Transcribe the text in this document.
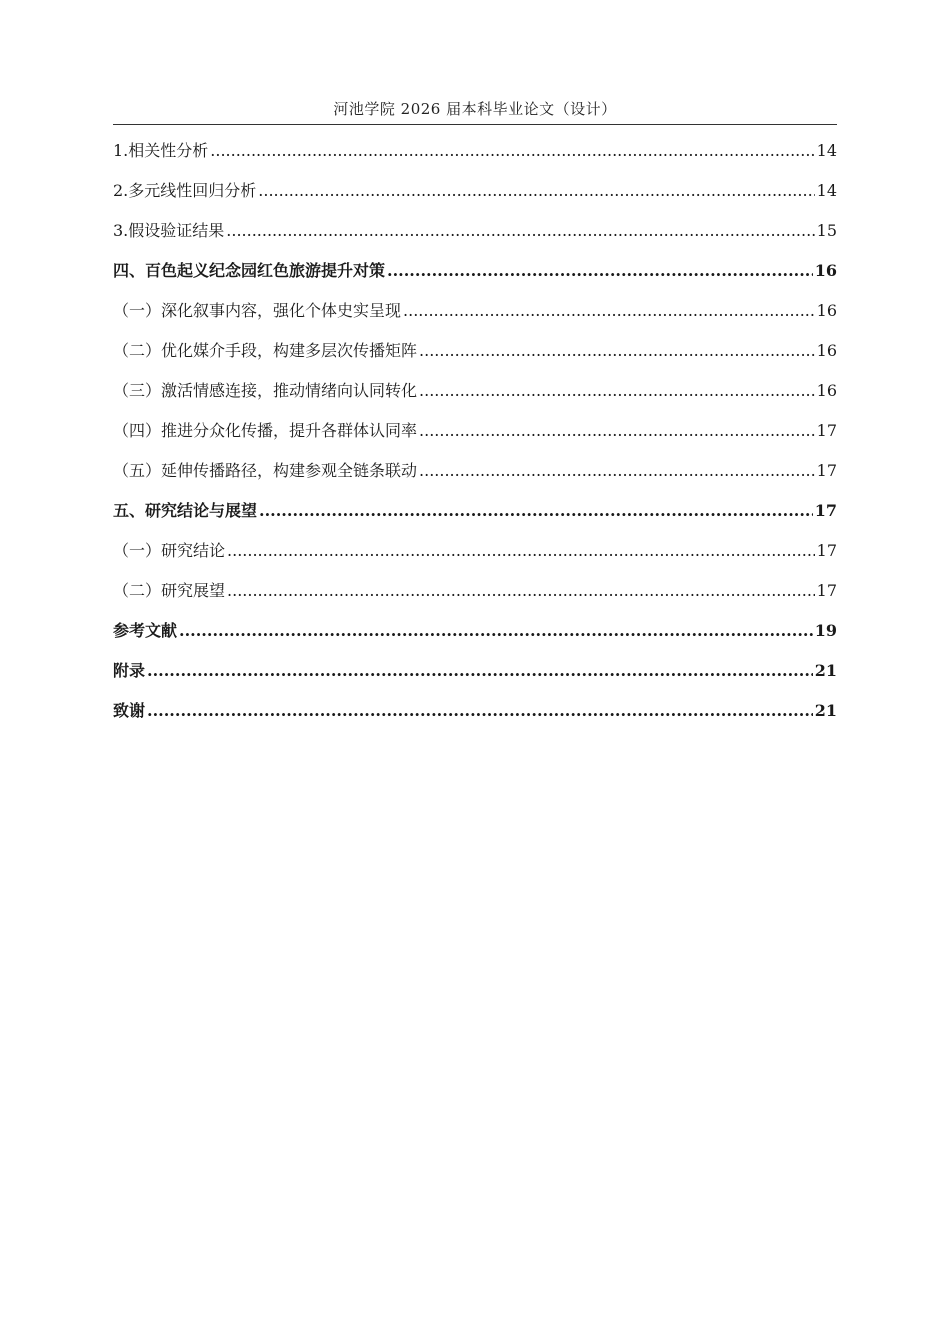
河池学院 2026 届本科毕业论文（设计）
1.相关性分析 .....	14
2.多元线性回归分析 .....	14
3.假设验证结果 .....	15
四、百色起义纪念园红色旅游提升对策 .....	16
（一）深化叙事内容，强化个体史实呈现 .....	16
（二）优化媒介手段，构建多层次传播矩阵 .....	16
（三）激活情感连接，推动情绪向认同转化 .....	16
（四）推进分众化传播，提升各群体认同率 .....	17
（五）延伸传播路径，构建参观全链条联动 .....	17
五、研究结论与展望 .....	17
（一）研究结论 .....	17
（二）研究展望 .....	17
参考文献 .....	19
附录 .....	21
致谢 .....	21
